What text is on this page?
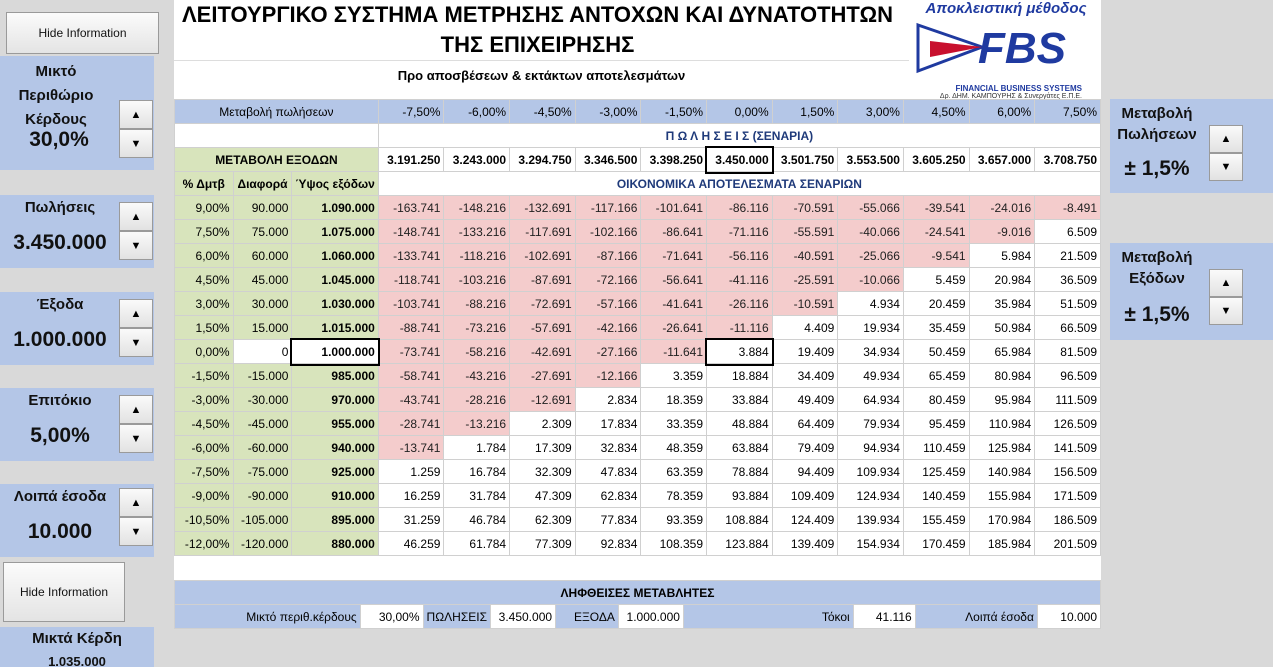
Hide Information
Μικτό Περιθώριο Κέρδους
30,0%
▲
▼
Πωλήσεις
3.450.000
▲
▼
Έξοδα
1.000.000
▲
▼
Επιτόκιο
5,00%
▲
▼
Λοιπά έσοδα
10.000
▲
▼
Hide Information
Μικτά Κέρδη
1.035.000
ΛΕΙΤΟΥΡΓΙΚΟ ΣΥΣΤΗΜΑ ΜΕΤΡΗΣΗΣ ΑΝΤΟΧΩΝ ΚΑΙ ΔΥΝΑΤΟΤΗΤΩΝ
ΤΗΣ ΕΠΙΧΕΙΡΗΣΗΣ
Προ αποσβέσεων & εκτάκτων αποτελεσμάτων
Αποκλειστική μέθοδος
FBS
FINANCIAL BUSINESS SYSTEMS
Δρ. ΔΗΜ. ΚΑΜΠΟΥΡΗΣ & Συνεργάτες Ε.Π.Ε.
Μεταβολή πωλήσεων			-7,50%	-6,00%	-4,50%	-3,00%	-1,50%	0,00%	1,50%	3,00%	4,50%	6,00%	7,50%
			Π Ω Λ Η Σ Ε Ι Σ (ΣΕΝΑΡΙΑ)										
ΜΕΤΑΒΟΛΗ ΕΞΟΔΩΝ			3.191.250	3.243.000	3.294.750	3.346.500	3.398.250	3.450.000	3.501.750	3.553.500	3.605.250	3.657.000	3.708.750
% Δμτβ	Διαφορά	Ύψος εξόδων	ΟΙΚΟΝΟΜΙΚΑ ΑΠΟΤΕΛΕΣΜΑΤΑ ΣΕΝΑΡΙΩΝ										
9,00%	90.000	1.090.000	-163.741	-148.216	-132.691	-117.166	-101.641	-86.116	-70.591	-55.066	-39.541	-24.016	-8.491
7,50%	75.000	1.075.000	-148.741	-133.216	-117.691	-102.166	-86.641	-71.116	-55.591	-40.066	-24.541	-9.016	6.509
6,00%	60.000	1.060.000	-133.741	-118.216	-102.691	-87.166	-71.641	-56.116	-40.591	-25.066	-9.541	5.984	21.509
4,50%	45.000	1.045.000	-118.741	-103.216	-87.691	-72.166	-56.641	-41.116	-25.591	-10.066	5.459	20.984	36.509
3,00%	30.000	1.030.000	-103.741	-88.216	-72.691	-57.166	-41.641	-26.116	-10.591	4.934	20.459	35.984	51.509
1,50%	15.000	1.015.000	-88.741	-73.216	-57.691	-42.166	-26.641	-11.116	4.409	19.934	35.459	50.984	66.509
0,00%	0	1.000.000	-73.741	-58.216	-42.691	-27.166	-11.641	3.884	19.409	34.934	50.459	65.984	81.509
-1,50%	-15.000	985.000	-58.741	-43.216	-27.691	-12.166	3.359	18.884	34.409	49.934	65.459	80.984	96.509
-3,00%	-30.000	970.000	-43.741	-28.216	-12.691	2.834	18.359	33.884	49.409	64.934	80.459	95.984	111.509
-4,50%	-45.000	955.000	-28.741	-13.216	2.309	17.834	33.359	48.884	64.409	79.934	95.459	110.984	126.509
-6,00%	-60.000	940.000	-13.741	1.784	17.309	32.834	48.359	63.884	79.409	94.934	110.459	125.984	141.509
-7,50%	-75.000	925.000	1.259	16.784	32.309	47.834	63.359	78.884	94.409	109.934	125.459	140.984	156.509
-9,00%	-90.000	910.000	16.259	31.784	47.309	62.834	78.359	93.884	109.409	124.934	140.459	155.984	171.509
-10,50%	-105.000	895.000	31.259	46.784	62.309	77.834	93.359	108.884	124.409	139.934	155.459	170.984	186.509
-12,00%	-120.000	880.000	46.259	61.784	77.309	92.834	108.359	123.884	139.409	154.934	170.459	185.984	201.509
ΛΗΦΘΕΙΣΕΣ ΜΕΤΑΒΛΗΤΕΣ
Μικτό περιθ.κέρδους	30,00%	ΠΩΛΗΣΕΙΣ	3.450.000	ΕΞΟΔΑ	1.000.000	Τόκοι	41.116	Λοιπά έσοδα	10.000
Μεταβολή Πωλήσεων
± 1,5%
▲
▼
Μεταβολή Εξόδων
± 1,5%
▲
▼
